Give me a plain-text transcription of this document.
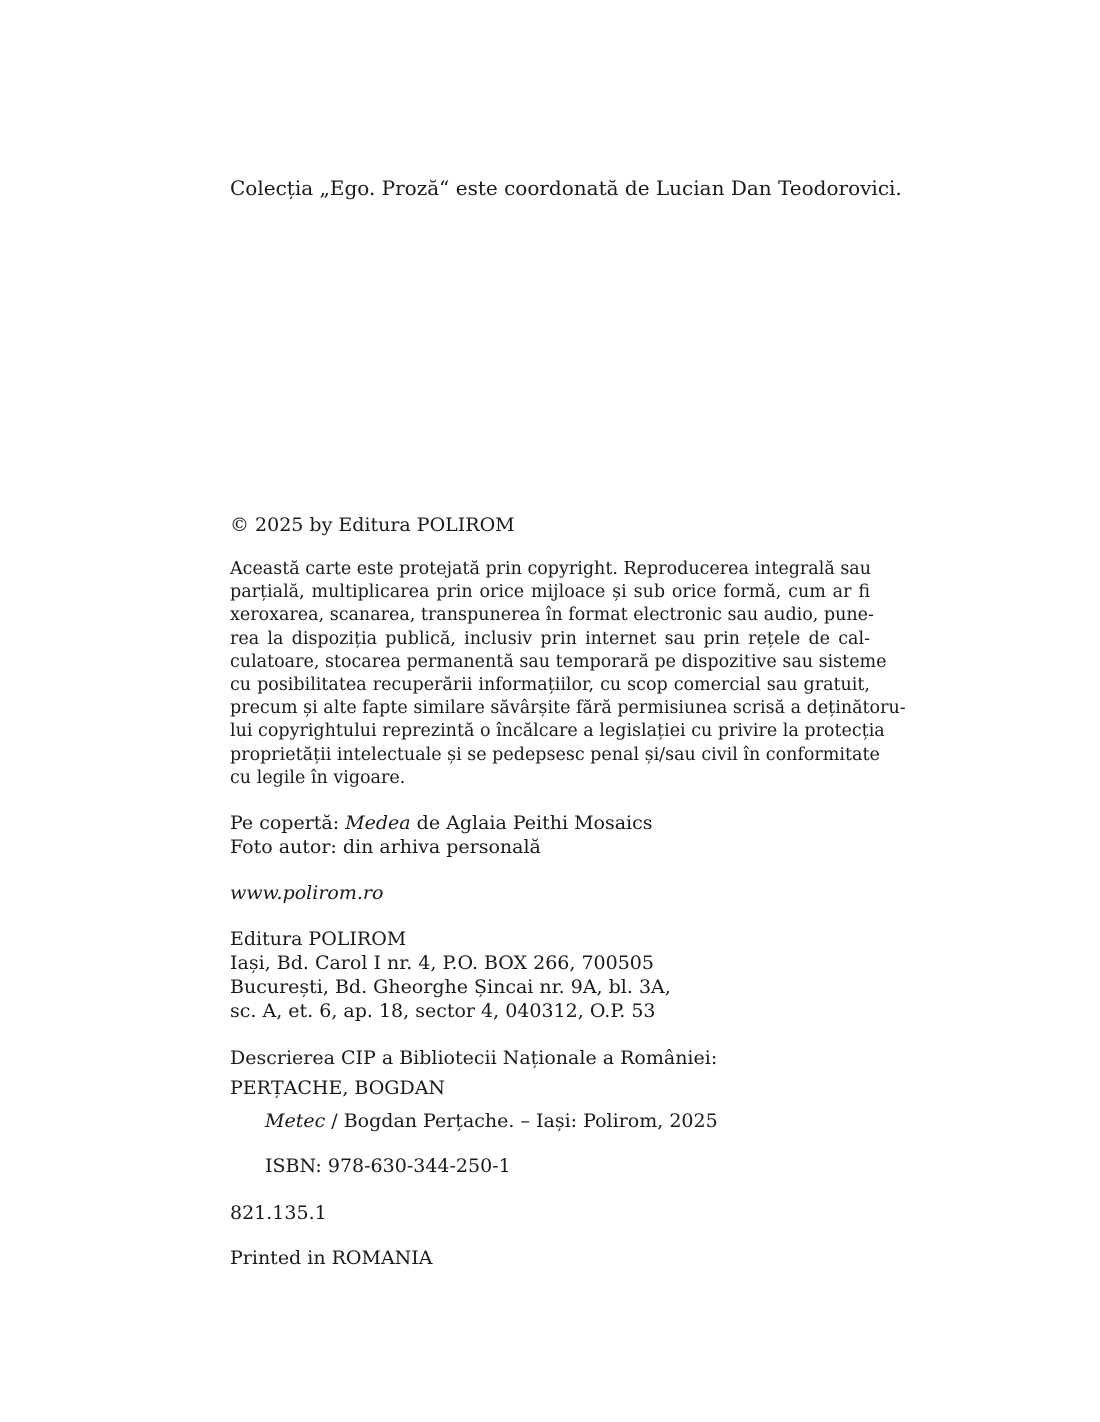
Colecția „Ego. Proză“ este coordonată de Lucian Dan Teodorovici.
© 2025 by Editura POLIROM
Această carte este protejată prin copyright. Reproducerea integrală sau
parțială, multiplicarea prin orice mijloace și sub orice formă, cum ar fi
xeroxarea, scanarea, transpunerea în format electronic sau audio, pune-
rea la dispoziția publică, inclusiv prin internet sau prin rețele de cal-
culatoare, stocarea permanentă sau temporară pe dispozitive sau sisteme
cu posibilitatea recuperării informațiilor, cu scop comercial sau gratuit,
precum și alte fapte similare săvârșite fără permisiunea scrisă a deținătoru-
lui copyrightului reprezintă o încălcare a legislației cu privire la protecția
proprietății intelectuale și se pedepsesc penal și/sau civil în conformitate
cu legile în vigoare.
Pe copertă: Medea de Aglaia Peithi Mosaics
Foto autor: din arhiva personală
www.polirom.ro
Editura POLIROM
Iași, Bd. Carol I nr. 4, P.O. BOX 266, 700505
București, Bd. Gheorghe Șincai nr. 9A, bl. 3A,
sc. A, et. 6, ap. 18, sector 4, 040312, O.P. 53
Descrierea CIP a Bibliotecii Naționale a României:
PERȚACHE, BOGDAN
Metec / Bogdan Perțache. – Iași: Polirom, 2025
ISBN: 978-630-344-250-1
821.135.1
Printed in ROMANIA
